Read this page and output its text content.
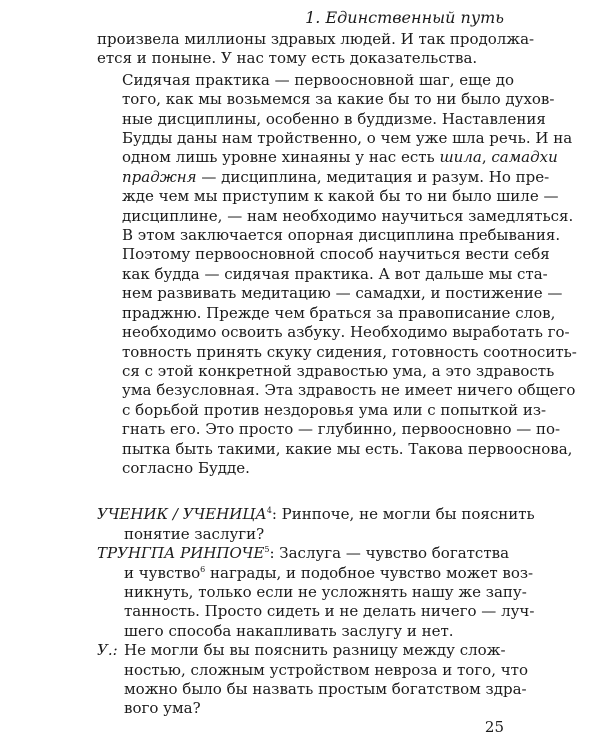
1. Единственный путь

произвела миллионы здравых людей. И так продолжа-
ется и поныне. У нас тому есть доказательства.

Сидячая практика — первоосновной шаг, еще до
того, как мы возьмемся за какие бы то ни было духов-
ные дисциплины, особенно в буддизме. Наставления
Будды даны нам тройственно, о чем уже шла речь. И на
одном лишь уровне хинаяны у нас есть шила, самадхи
праджня — дисциплина, медитация и разум. Но пре-
жде чем мы приступим к какой бы то ни было шиле —
дисциплине, — нам необходимо научиться замедляться.
В этом заключается опорная дисциплина пребывания.
Поэтому первоосновной способ научиться вести себя
как будда — сидячая практика. А вот дальше мы ста-
нем развивать медитацию — самадхи, и постижение —
праджню. Прежде чем браться за правописание слов,
необходимо освоить азбуку. Необходимо выработать го-
товность принять скуку сидения, готовность соотносить-
ся с этой конкретной здравостью ума, а это здравость
ума безусловная. Эта здравость не имеет ничего общего
с борьбой против нездоровья ума или с попыткой из-
гнать его. Это просто — глубинно, первоосновно — по-
пытка быть такими, какие мы есть. Такова первооснова,
согласно Будде.

УЧЕНИК / УЧЕНИЦА$^4$: Ринпоче, не могли бы пояснить
понятие заслуги?
ТРУНГПА РИНПОЧЕ$^5$: Заслуга — чувство богатства
и чувство$^6$ награды, и подобное чувство может воз-
никнуть, только если не усложнять нашу же запу-
танность. Просто сидеть и не делать ничего — луч-
шего способа накапливать заслугу и нет.
У.: Не могли бы вы пояснить разницу между слож-
ностью, сложным устройством невроза и того, что
можно было бы назвать простым богатством здра-
вого ума?

25
